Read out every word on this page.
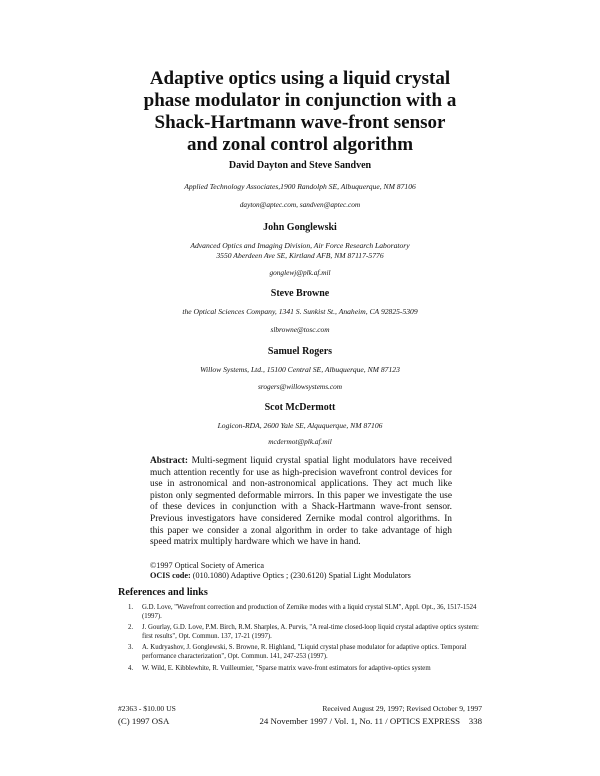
Adaptive optics using a liquid crystal
phase modulator in conjunction with a
Shack-Hartmann wave-front sensor
and zonal control algorithm
David Dayton and Steve Sandven
Applied Technology Associates,1900 Randolph SE, Albuquerque, NM 87106
dayton@aptec.com, sandven@aptec.com
John Gonglewski
Advanced Optics and Imaging Division, Air Force Research Laboratory
3550 Aberdeen Ave SE, Kirtland AFB, NM 87117-5776
gonglewj@plk.af.mil
Steve Browne
the Optical Sciences Company, 1341 S. Sunkist St., Anaheim, CA 92825-5309
slbrowne@tosc.com
Samuel Rogers
Willow Systems, Ltd., 15100 Central SE, Albuquerque, NM 87123
srogers@willowsystems.com
Scot McDermott
Logicon-RDA, 2600 Yale SE, Alququerque, NM 87106
mcdermot@plk.af.mil
Abstract: Multi-segment liquid crystal spatial light modulators have received much attention recently for use as high-precision wavefront control devices for use in astronomical and non-astronomical applications. They act much like piston only segmented deformable mirrors. In this paper we investigate the use of these devices in conjunction with a Shack-Hartmann wave-front sensor. Previous investigators have considered Zernike modal control algorithms. In this paper we consider a zonal algorithm in order to take advantage of high speed matrix multiply hardware which we have in hand.
©1997 Optical Society of America
OCIS code: (010.1080) Adaptive Optics ; (230.6120) Spatial Light Modulators
References and links
1. G.D. Love, "Wavefront correction and production of Zernike modes with a liquid crystal SLM", Appl. Opt., 36, 1517-1524 (1997).
2. J. Gourlay, G.D. Love, P.M. Birch, R.M. Sharples, A. Purvis, "A real-time closed-loop liquid crystal adaptive optics system: first results", Opt. Commun. 137, 17-21 (1997).
3. A. Kudryashov, J. Gonglewski, S. Browne, R. Highland, "Liquid crystal phase modulator for adaptive optics. Temporal performance characterization", Opt. Commun. 141, 247-253 (1997).
4. W. Wild, E. Kibblewhite, R. Vuilleumier, "Sparse matrix wave-front estimators for adaptive-optics system
#2363 - $10.00 US	Received August 29, 1997; Revised October 9, 1997
(C) 1997 OSA	24 November 1997 / Vol. 1, No. 11 / OPTICS EXPRESS    338
